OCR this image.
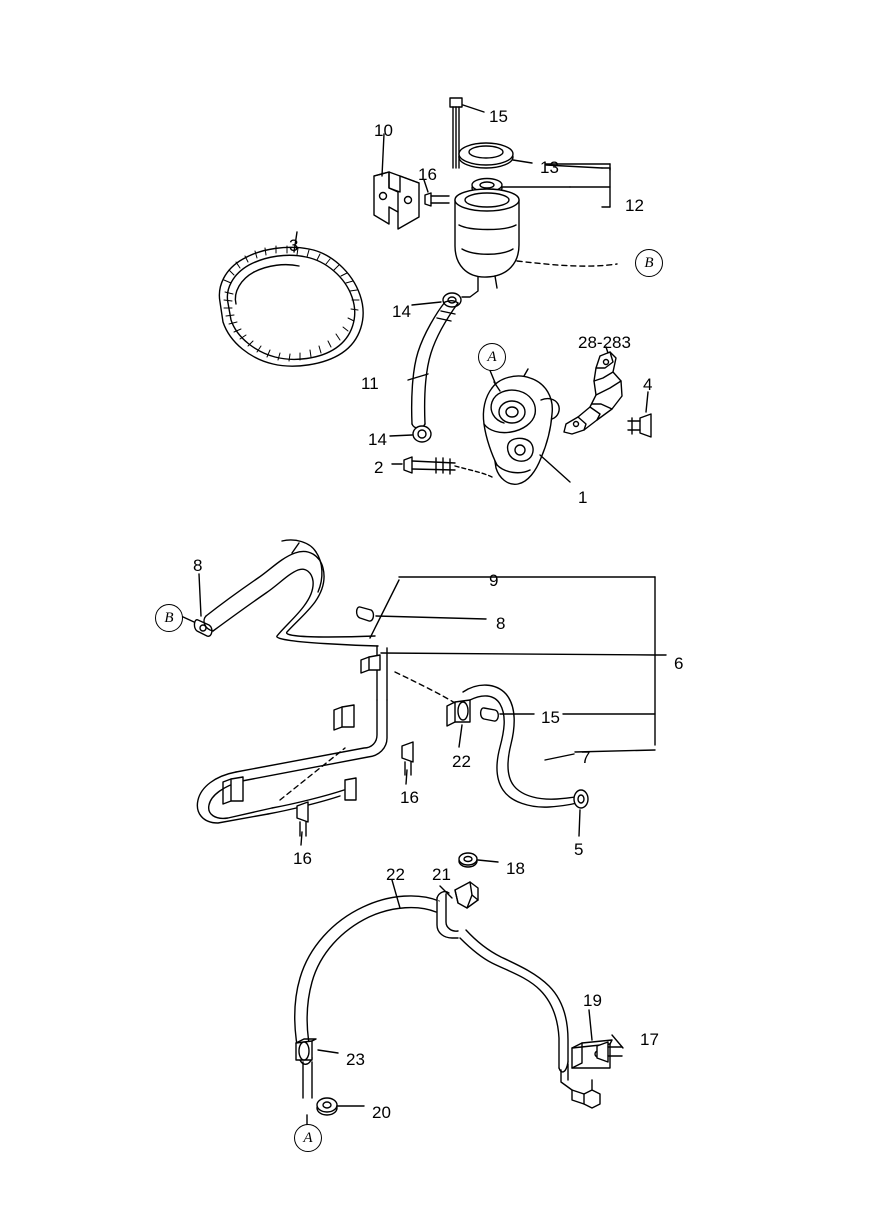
15
10
16	13
12
3
14
28-283
11	4
14
2
1
8
9
8
6
15
22	7
16
16	5
21	18
22
19
17
23
20
B
A
B
A
